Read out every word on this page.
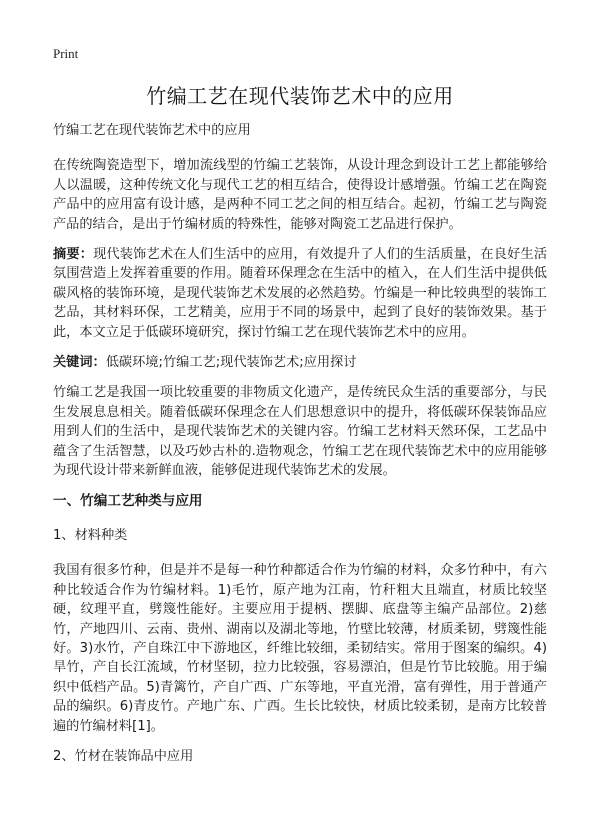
Print
竹编工艺在现代装饰艺术中的应用

竹编工艺在现代装饰艺术中的应用

在传统陶瓷造型下，增加流线型的竹编工艺装饰，从设计理念到设计工艺上都能够给人以温暖，这种传统文化与现代工艺的相互结合，使得设计感增强。竹编工艺在陶瓷产品中的应用富有设计感，是两种不同工艺之间的相互结合。起初，竹编工艺与陶瓷产品的结合，是出于竹编材质的特殊性，能够对陶瓷工艺品进行保护。

摘要：现代装饰艺术在人们生活中的应用，有效提升了人们的生活质量，在良好生活氛围营造上发挥着重要的作用。随着环保理念在生活中的植入，在人们生活中提供低碳风格的装饰环境，是现代装饰艺术发展的必然趋势。竹编是一种比较典型的装饰工艺品，其材料环保，工艺精美，应用于不同的场景中，起到了良好的装饰效果。基于此，本文立足于低碳环境研究，探讨竹编工艺在现代装饰艺术中的应用。

关键词：低碳环境;竹编工艺;现代装饰艺术;应用探讨

竹编工艺是我国一项比较重要的非物质文化遗产，是传统民众生活的重要部分，与民生发展息息相关。随着低碳环保理念在人们思想意识中的提升，将低碳环保装饰品应用到人们的生活中，是现代装饰艺术的关键内容。竹编工艺材料天然环保，工艺品中蕴含了生活智慧，以及巧妙古朴的.造物观念，竹编工艺在现代装饰艺术中的应用能够为现代设计带来新鲜血液，能够促进现代装饰艺术的发展。

一、竹编工艺种类与应用

1、材料种类

我国有很多竹种，但是并不是每一种竹种都适合作为竹编的材料，众多竹种中，有六种比较适合作为竹编材料。1)毛竹，原产地为江南，竹秆粗大且端直，材质比较坚硬，纹理平直，劈篾性能好。主要应用于提柄、摆脚、底盘等主编产品部位。2)慈竹，产地四川、云南、贵州、湖南以及湖北等地，竹壁比较薄，材质柔韧，劈篾性能好。3)水竹，产自珠江中下游地区，纤维比较细，柔韧结实。常用于图案的编织。4)旱竹，产自长江流域，竹材坚韧，拉力比较强，容易漂泊，但是竹节比较脆。用于编织中低档产品。5)青篱竹，产自广西、广东等地，平直光滑，富有弹性，用于普通产品的编织。6)青皮竹。产地广东、广西。生长比较快，材质比较柔韧，是南方比较普遍的竹编材料[1]。

2、竹材在装饰品中应用
